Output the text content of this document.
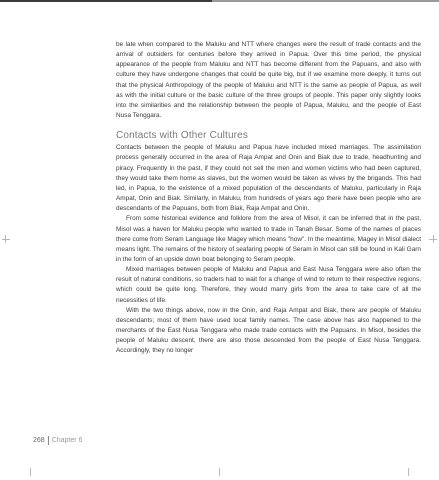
be late when compared to the Maluku and NTT where changes were the result of trade contacts and the arrival of outsiders for centuries before they arrived in Papua. Over this time period, the physical appearance of the people from Maluku and NTT has become different from the Papuans, and also with culture they have undergone changes that could be quite big, but if we examine more deeply, it turns out that the physical Anthropology of the people of Maluku and NTT is the same as people of Papua, as well as with the initial culture or the basic culture of the three groups of people. This paper only slightly looks into the similarities and the relationship between the people of Papua, Maluku, and the people of East Nusa Tenggara.

Contacts with Other Cultures

Contacts between the people of Maluku and Papua have included mixed marriages. The assimilation process generally occurred in the area of Raja Ampat and Onin and Biak due to trade, headhunting and piracy. Frequently in the past, if they could not sell the men and women victims who had been captured, they would take them home as slaves, but the women would be taken as wives by the brigands. This had led, in Papua, to the existence of a mixed population of the descendants of Maluku, particularly in Raja Ampat, Onin and Biak. Similarly, in Maluku, from hundreds of years ago there have been people who are descendants of the Papuans, both from Biak, Raja Ampat and Onin.

From some historical evidence and folklore from the area of Misol, it can be inferred that in the past, Misol was a haven for Maluku people who wanted to trade in Tanah Besar. Some of the names of places there come from Seram Language like Magey which means "how". In the meantime, Magey in Misol dialect means light. The remains of the history of seafaring people of Seram in Misol can still be found in Kali Garn in the form of an upside down boat belonging to Seram people.

Mixed marriages between people of Maluku and Papua and East Nusa Tenggara were also often the result of natural conditions, so traders had to wait for a change of wind to return to their respective regions, which could be quite long. Therefore, they would marry girls from the area to take care of all the necessities of life.

With the two things above, now in the Onin, and Raja Ampat and Biak, there are people of Maluku descendants; most of them have used local family names. The case above has also happened to the merchants of the East Nusa Tenggara who made trade contacts with the Papuans. In Misol, besides the people of Maluku descent, there are also those descended from the people of East Nusa Tenggara. Accordingly, they no longer

268 Chapter 6
